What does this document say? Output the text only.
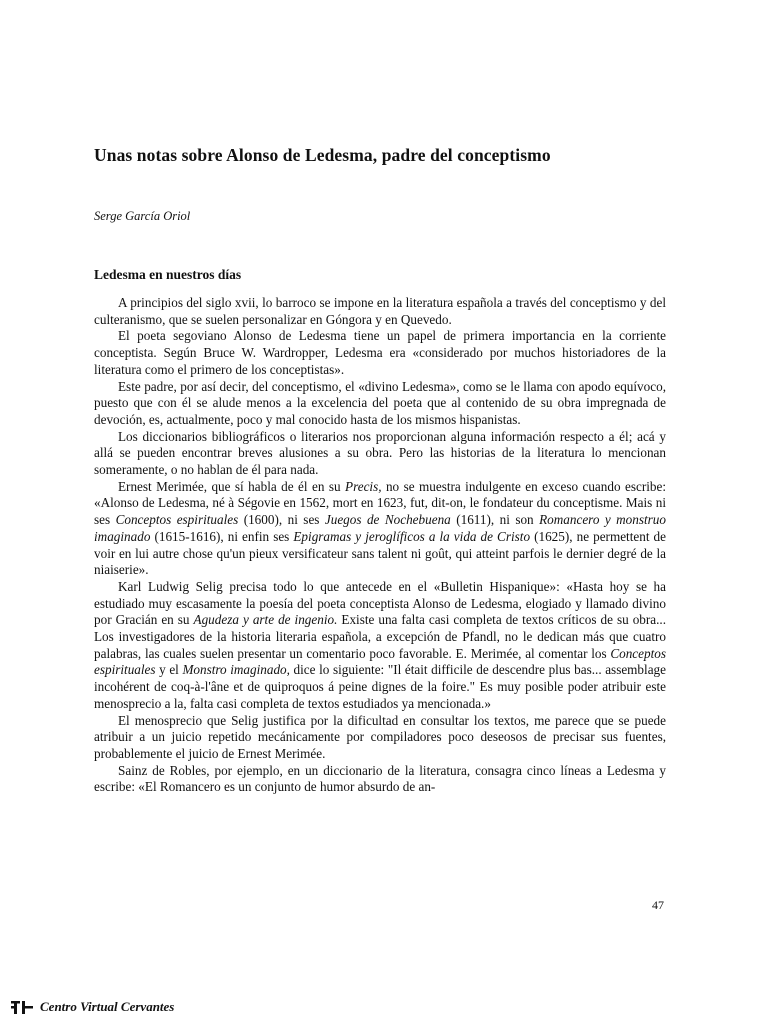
Unas notas sobre Alonso de Ledesma, padre del conceptismo
Serge García Oriol
Ledesma en nuestros días

A principios del siglo xvii, lo barroco se impone en la literatura española a través del conceptismo y del culteranismo, que se suelen personalizar en Góngora y en Quevedo.

El poeta segoviano Alonso de Ledesma tiene un papel de primera importancia en la corriente conceptista. Según Bruce W. Wardropper, Ledesma era «considerado por muchos historiadores de la literatura como el primero de los conceptistas».

Este padre, por así decir, del conceptismo, el «divino Ledesma», como se le llama con apodo equívoco, puesto que con él se alude menos a la excelencia del poeta que al contenido de su obra impregnada de devoción, es, actualmente, poco y mal conocido hasta de los mismos hispanistas.

Los diccionarios bibliográficos o literarios nos proporcionan alguna información respecto a él; acá y allá se pueden encontrar breves alusiones a su obra. Pero las historias de la literatura lo mencionan someramente, o no hablan de él para nada.

Ernest Merimée, que sí habla de él en su Precis, no se muestra indulgente en exceso cuando escribe: «Alonso de Ledesma, né à Ségovie en 1562, mort en 1623, fut, dit-on, le fondateur du conceptisme. Mais ni ses Conceptos espirituales (1600), ni ses Juegos de Nochebuena (1611), ni son Romancero y monstruo imaginado (1615-1616), ni enfin ses Epigramas y jeroglíficos a la vida de Cristo (1625), ne permettent de voir en lui autre chose qu'un pieux versificateur sans talent ni goût, qui atteint parfois le dernier degré de la niaiserie».

Karl Ludwig Selig precisa todo lo que antecede en el «Bulletin Hispanique»: «Hasta hoy se ha estudiado muy escasamente la poesía del poeta conceptista Alonso de Ledesma, elogiado y llamado divino por Gracián en su Agudeza y arte de ingenio. Existe una falta casi completa de textos críticos de su obra... Los investigadores de la historia literaria española, a excepción de Pfandl, no le dedican más que cuatro palabras, las cuales suelen presentar un comentario poco favorable. E. Merimée, al comentar los Conceptos espirituales y el Monstro imaginado, dice lo siguiente: "Il était difficile de descendre plus bas... assemblage incohérent de coq-à-l'âne et de quiproquos á peine dignes de la foire." Es muy posible poder atribuir este menosprecio a la, falta casi completa de textos estudiados ya mencionada.»

El menosprecio que Selig justifica por la dificultad en consultar los textos, me parece que se puede atribuir a un juicio repetido mecánicamente por compiladores poco deseosos de precisar sus fuentes, probablemente el juicio de Ernest Merimée.

Sainz de Robles, por ejemplo, en un diccionario de la literatura, consagra cinco líneas a Ledesma y escribe: «El Romancero es un conjunto de humor absurdo de an-

47
Centro Virtual Cervantes
